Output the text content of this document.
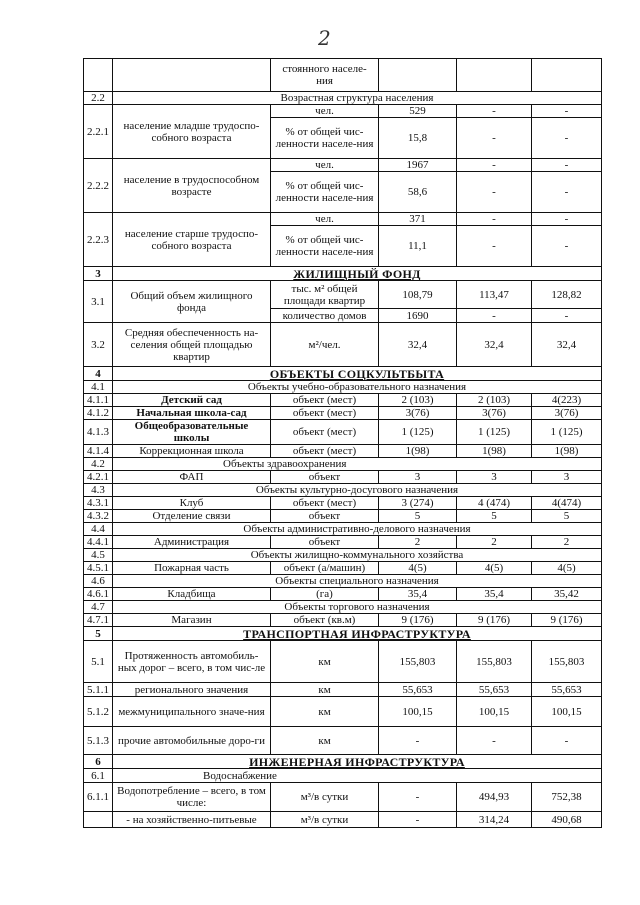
2
		стоянного населе-ния			
2.2	Возрастная структура населения				
2.2.1	население младше трудоспо-собного возраста	чел.	529	-	-
		% от общей чис-ленности населе-ния	15,8	-	-
2.2.2	население в трудоспособном возрасте	чел.	1967	-	-
		% от общей чис-ленности населе-ния	58,6	-	-
2.2.3	население старше трудоспо-собного возраста	чел.	371	-	-
		% от общей чис-ленности населе-ния	11,1	-	-
3	ЖИЛИЩНЫЙ ФОНД				
3.1	Общий объем жилищного фонда	тыс. м² общей площади квартир	108,79	113,47	128,82
		количество домов	1690	-	-
3.2	Средняя обеспеченность на-селения общей площадью квартир	м²/чел.	32,4	32,4	32,4
4	ОБЪЕКТЫ СОЦКУЛЬТБЫТА				
4.1	Объекты учебно-образовательного назначения				
4.1.1	Детский сад	объект (мест)	2 (103)	2 (103)	4(223)
4.1.2	Начальная школа-сад	объект (мест)	3(76)	3(76)	3(76)
4.1.3	Общеобразовательные школы	объект (мест)	1 (125)	1 (125)	1 (125)
4.1.4	Коррекционная школа	объект (мест)	1(98)	1(98)	1(98)
4.2	Объекты здравоохранения				
4.2.1	ФАП	объект	3	3	3
4.3	Объекты культурно-досугового назначения				
4.3.1	Клуб	объект (мест)	3 (274)	4 (474)	4(474)
4.3.2	Отделение связи	объект	5	5	5
4.4	Объекты административно-делового назначения				
4.4.1	Администрация	объект	2	2	2
4.5	Объекты жилищно-коммунального хозяйства				
4.5.1	Пожарная часть	объект (а/машин)	4(5)	4(5)	4(5)
4.6	Объекты специального назначения				
4.6.1	Кладбища	(га)	35,4	35,4	35,42
4.7	Объекты торгового назначения				
4.7.1	Магазин	объект (кв.м)	9 (176)	9 (176)	9 (176)
5	ТРАНСПОРТНАЯ ИНФРАСТРУКТУРА				
5.1	Протяженность автомобиль-ных дорог – всего, в том чис-ле	км	155,803	155,803	155,803
5.1.1	регионального значения	км	55,653	55,653	55,653
5.1.2	межмуниципального значе-ния	км	100,15	100,15	100,15
5.1.3	прочие автомобильные доро-ги	км	-	-	-
6	ИНЖЕНЕРНАЯ ИНФРАСТРУКТУРА				
6.1	Водоснабжение				
6.1.1	Водопотребление – всего, в том числе:	м³/в сутки	-	494,93	752,38
	- на хозяйственно-питьевые	м³/в сутки	-	314,24	490,68
